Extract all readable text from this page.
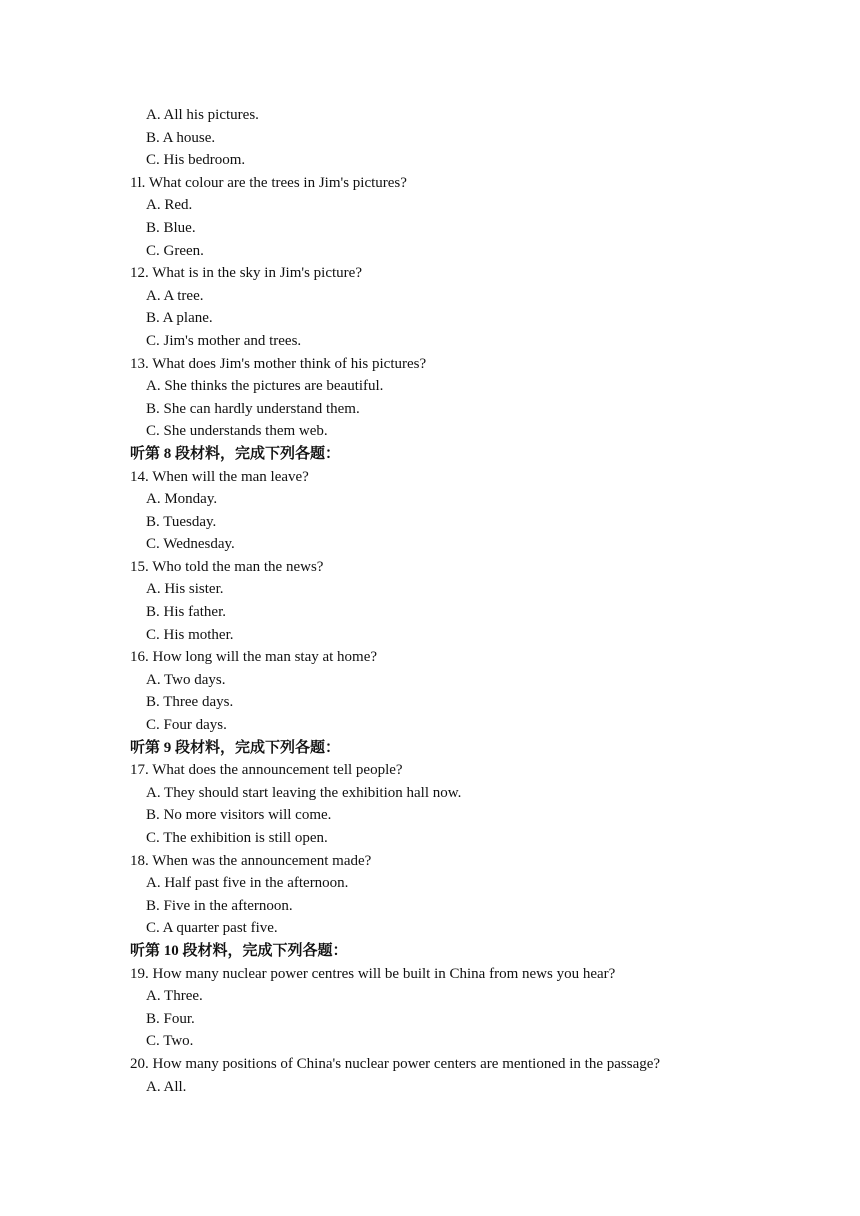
A. All his pictures.
B. A house.
C. His bedroom.
1l. What colour are the trees in Jim's pictures?
A. Red.
B. Blue.
C. Green.
12. What is in the sky in Jim's picture?
A. A tree.
B. A plane.
C. Jim's mother and trees.
13. What does Jim's mother think of his pictures?
A. She thinks the pictures are beautiful.
B. She can hardly understand them.
C. She understands them web.
听第 8 段材料，完成下列各题：
14. When will the man leave?
A. Monday.
B. Tuesday.
C. Wednesday.
15. Who told the man the news?
A. His sister.
B. His father.
C. His mother.
16. How long will the man stay at home?
A. Two days.
B. Three days.
C. Four days.
听第 9 段材料，完成下列各题：
17. What does the announcement tell people?
A. They should start leaving the exhibition hall now.
B. No more visitors will come.
C. The exhibition is still open.
18. When was the announcement made?
A. Half past five in the afternoon.
B. Five in the afternoon.
C. A quarter past five.
听第 10 段材料，完成下列各题：
19. How many nuclear power centres will be built in China from news you hear?
A. Three.
B. Four.
C. Two.
20. How many positions of China's nuclear power centers are mentioned in the passage?
A. All.
